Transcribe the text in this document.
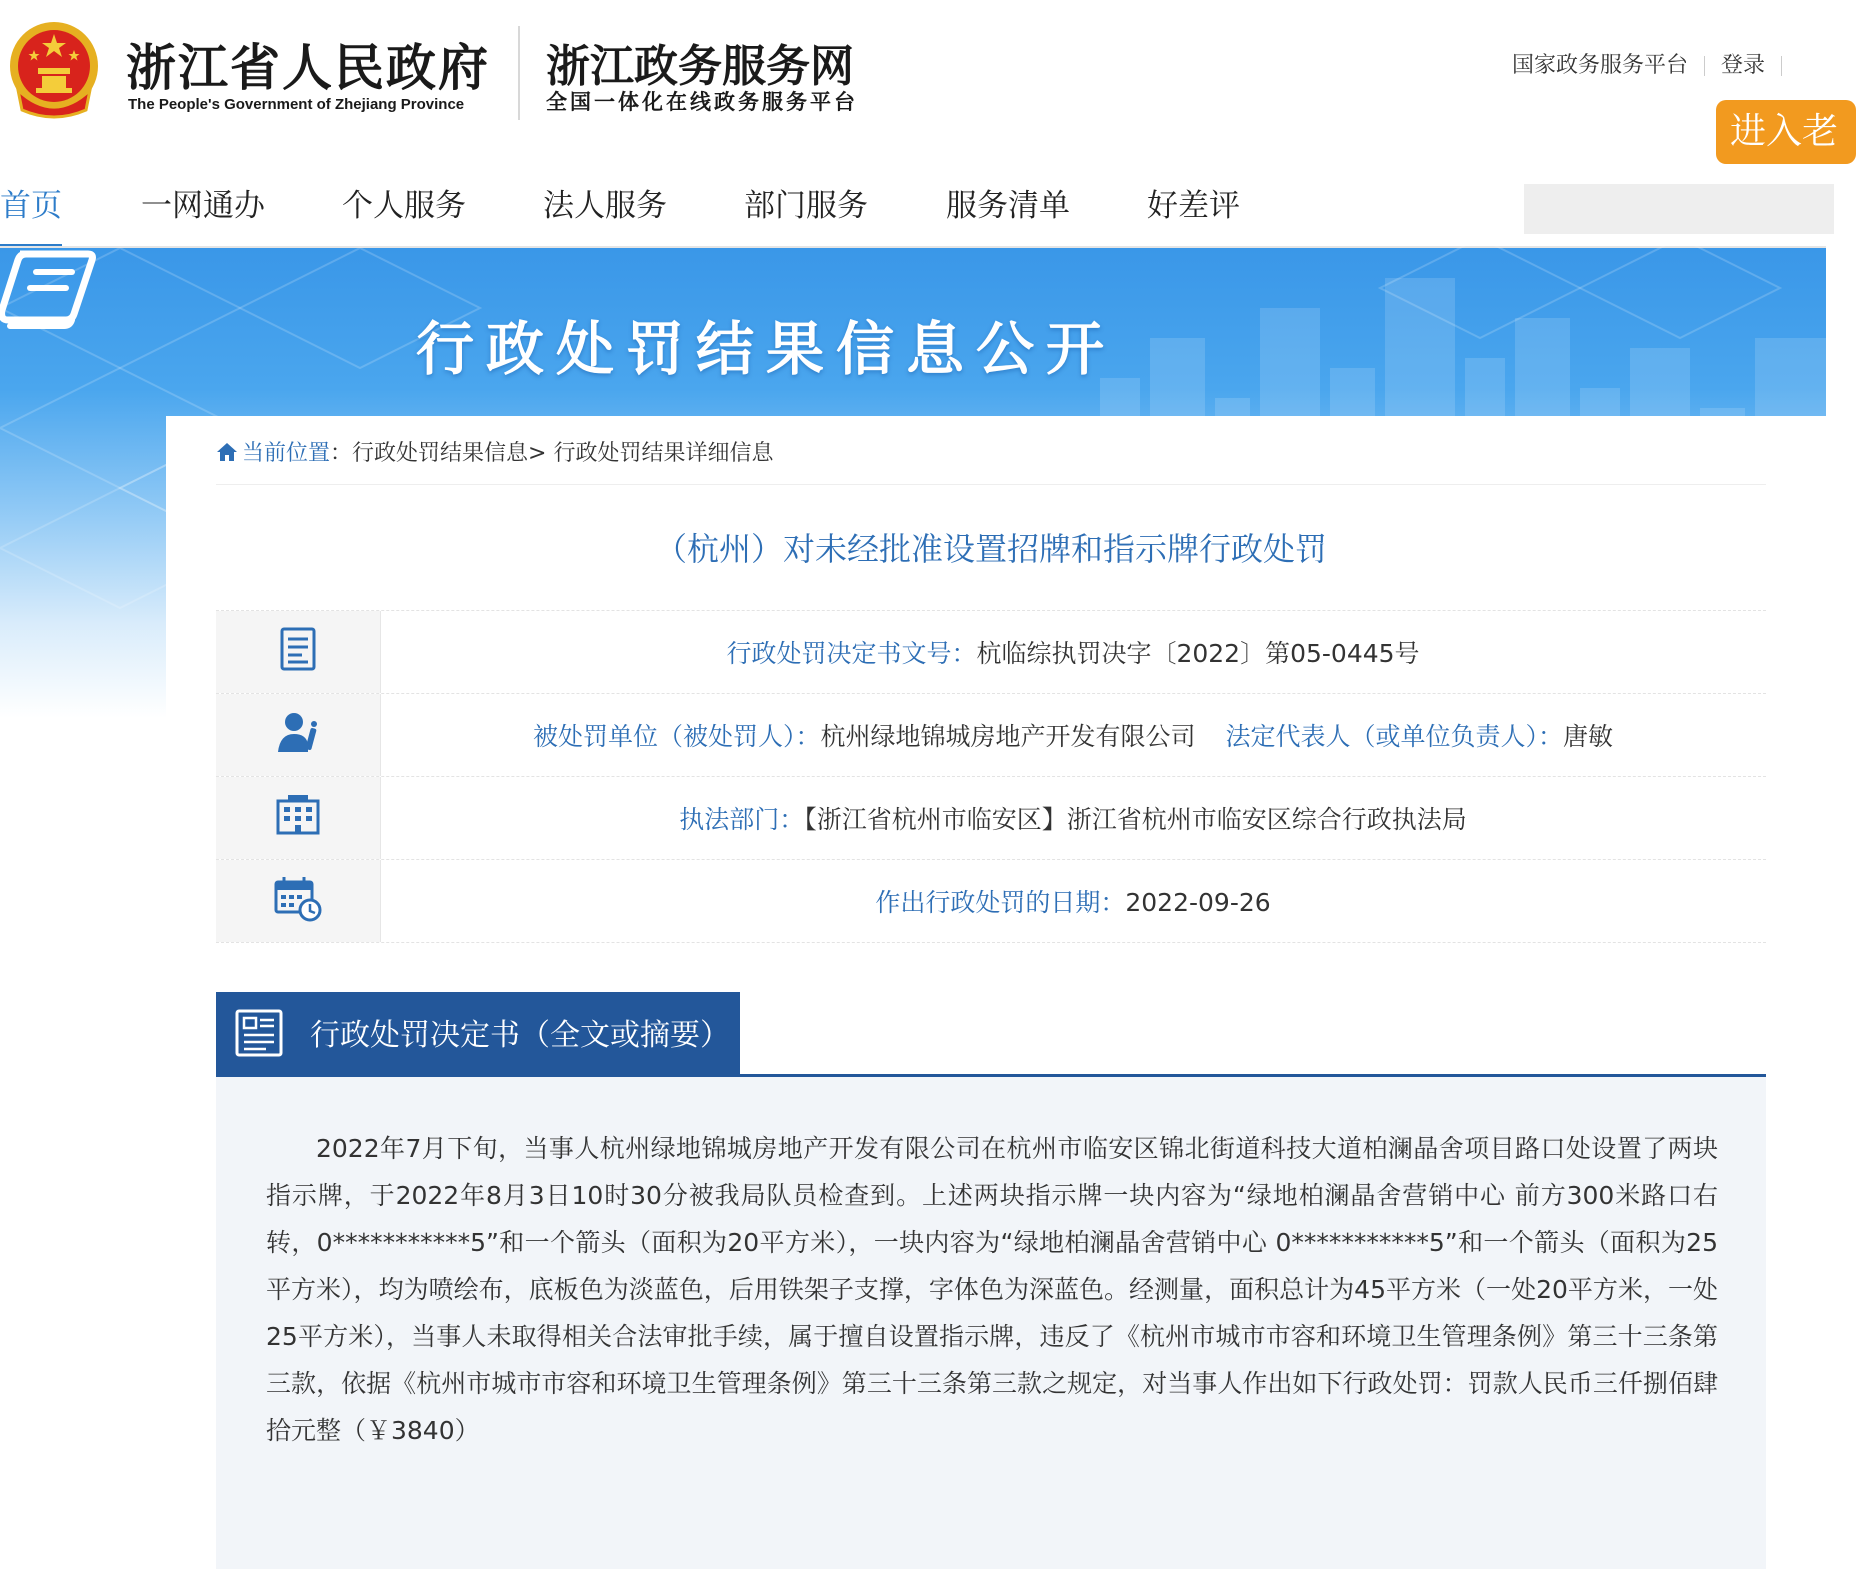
浙江省人民政府
The People's Government of Zhejiang Province
浙江政务服务网
全国一体化在线政务服务平台
国家政务服务平台 登录
进入老
首页	一网通办 个人服务 法人服务 部门服务	服务清单 好差评
行政处罚结果信息公开
当前位置：行政处罚结果信息> 行政处罚结果详细信息
（杭州）对未经批准设置招牌和指示牌行政处罚
行政处罚决定书文号：杭临综执罚决字〔2022〕第05-0445号
被处罚单位（被处罚人）：杭州绿地锦城房地产开发有限公司 法定代表人（或单位负责人）：唐敏
执法部门：【浙江省杭州市临安区】浙江省杭州市临安区综合行政执法局
作出行政处罚的日期：2022-09-26
行政处罚决定书（全文或摘要）
2022年7月下旬，当事人杭州绿地锦城房地产开发有限公司在杭州市临安区锦北街道科技大道柏澜晶舍项目路口处设置了两块指示牌，于2022年8月3日10时30分被我局队员检查到。上述两块指示牌一块内容为“绿地柏澜晶舍营销中心 前方300米路口右转，0***********5”和一个箭头（面积为20平方米），一块内容为“绿地柏澜晶舍营销中心 0***********5”和一个箭头（面积为25平方米），均为喷绘布，底板色为淡蓝色，后用铁架子支撑，字体色为深蓝色。经测量，面积总计为45平方米（一处20平方米，一处25平方米），当事人未取得相关合法审批手续，属于擅自设置指示牌，违反了《杭州市城市市容和环境卫生管理条例》第三十三条第三款，依据《杭州市城市市容和环境卫生管理条例》第三十三条第三款之规定，对当事人作出如下行政处罚：罚款人民币三仟捌佰肆拾元整（￥3840）
